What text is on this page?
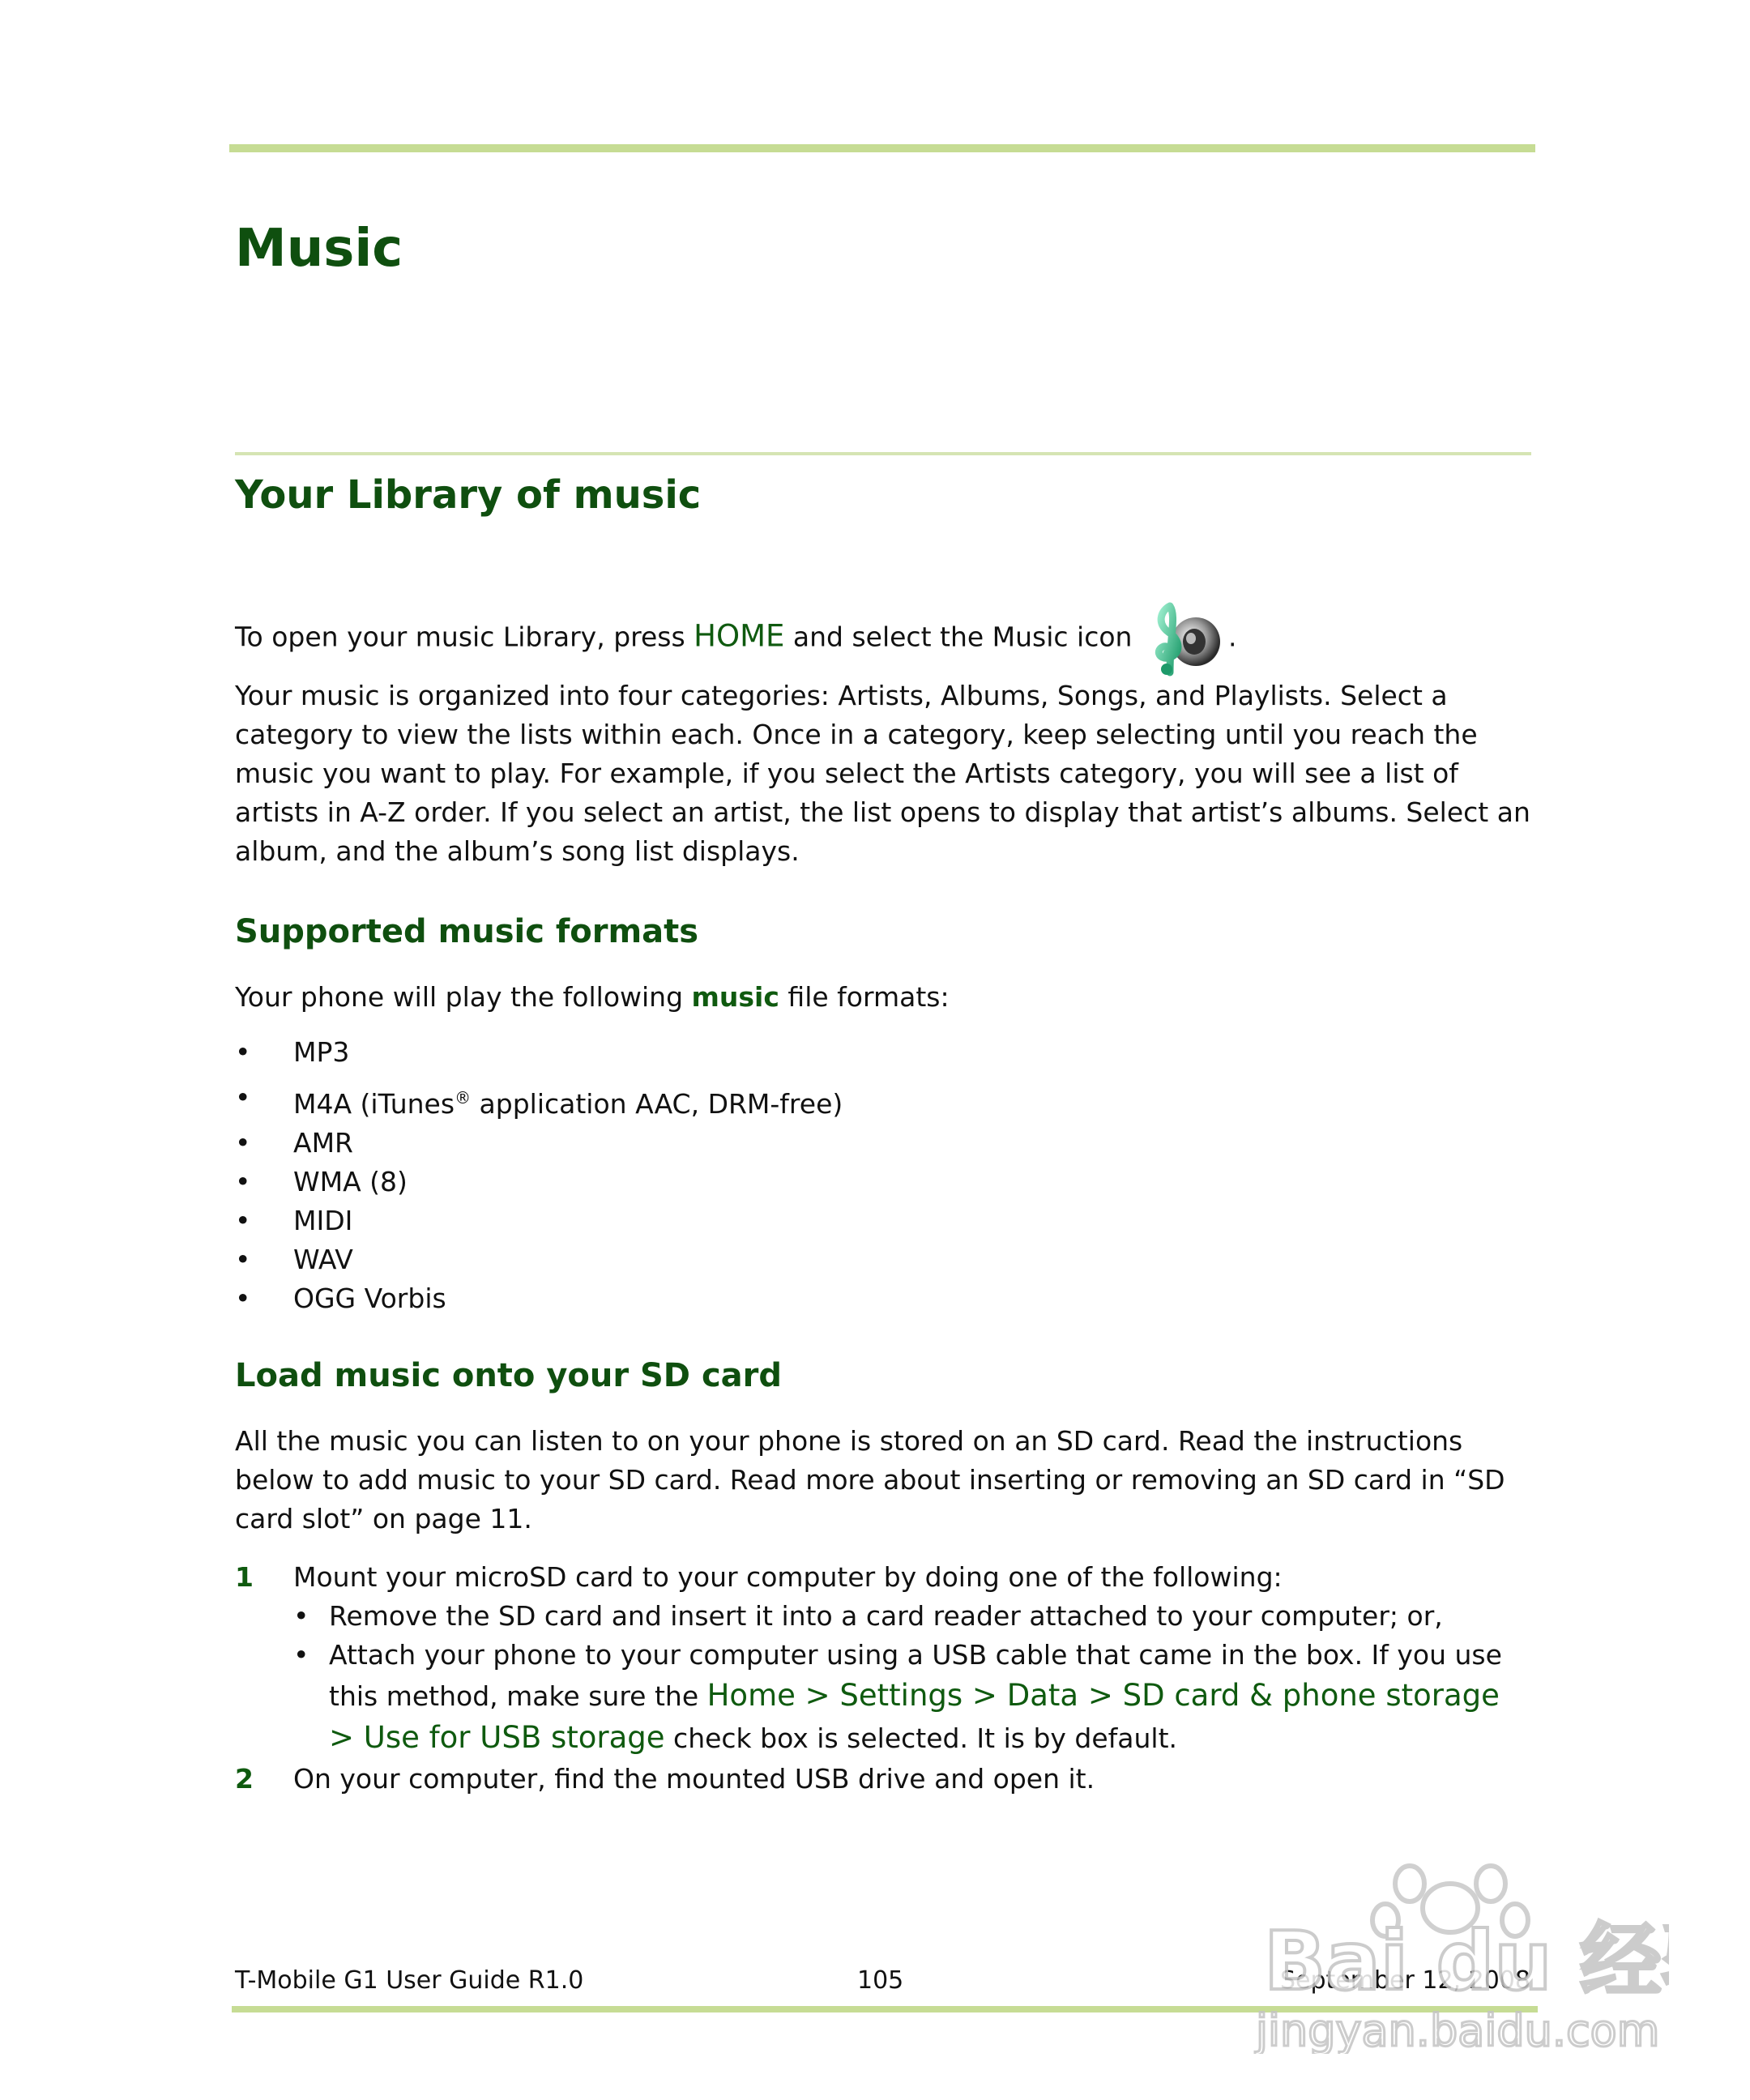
Music
Your Library of music
To open your music Library, press HOME and select the Music icon	.
Your music is organized into four categories: Artists, Albums, Songs, and Playlists. Select a category to view the lists within each. Once in a category, keep selecting until you reach the music you want to play. For example, if you select the Artists category, you will see a list of artists in A-Z order. If you select an artist, the list opens to display that artist’s albums. Select an album, and the album’s song list displays.
Supported music formats
Your phone will play the following music file formats:
• MP3
• M4A (iTunes® application AAC, DRM-free)
• AMR
• WMA (8)
• MIDI
• WAV
• OGG Vorbis
Load music onto your SD card
All the music you can listen to on your phone is stored on an SD card. Read the instructions below to add music to your SD card. Read more about inserting or removing an SD card in “SD card slot” on page 11.
1 Mount your microSD card to your computer by doing one of the following:
• Remove the SD card and insert it into a card reader attached to your computer; or,
• Attach your phone to your computer using a USB cable that came in the box. If you use this method, make sure the Home > Settings > Data > SD card & phone storage > Use for USB storage check box is selected. It is by default.
2 On your computer, find the mounted USB drive and open it.
T-Mobile G1 User Guide R1.0	105	September 12, 2008
Bai du 经
jingyan.baidu.com
